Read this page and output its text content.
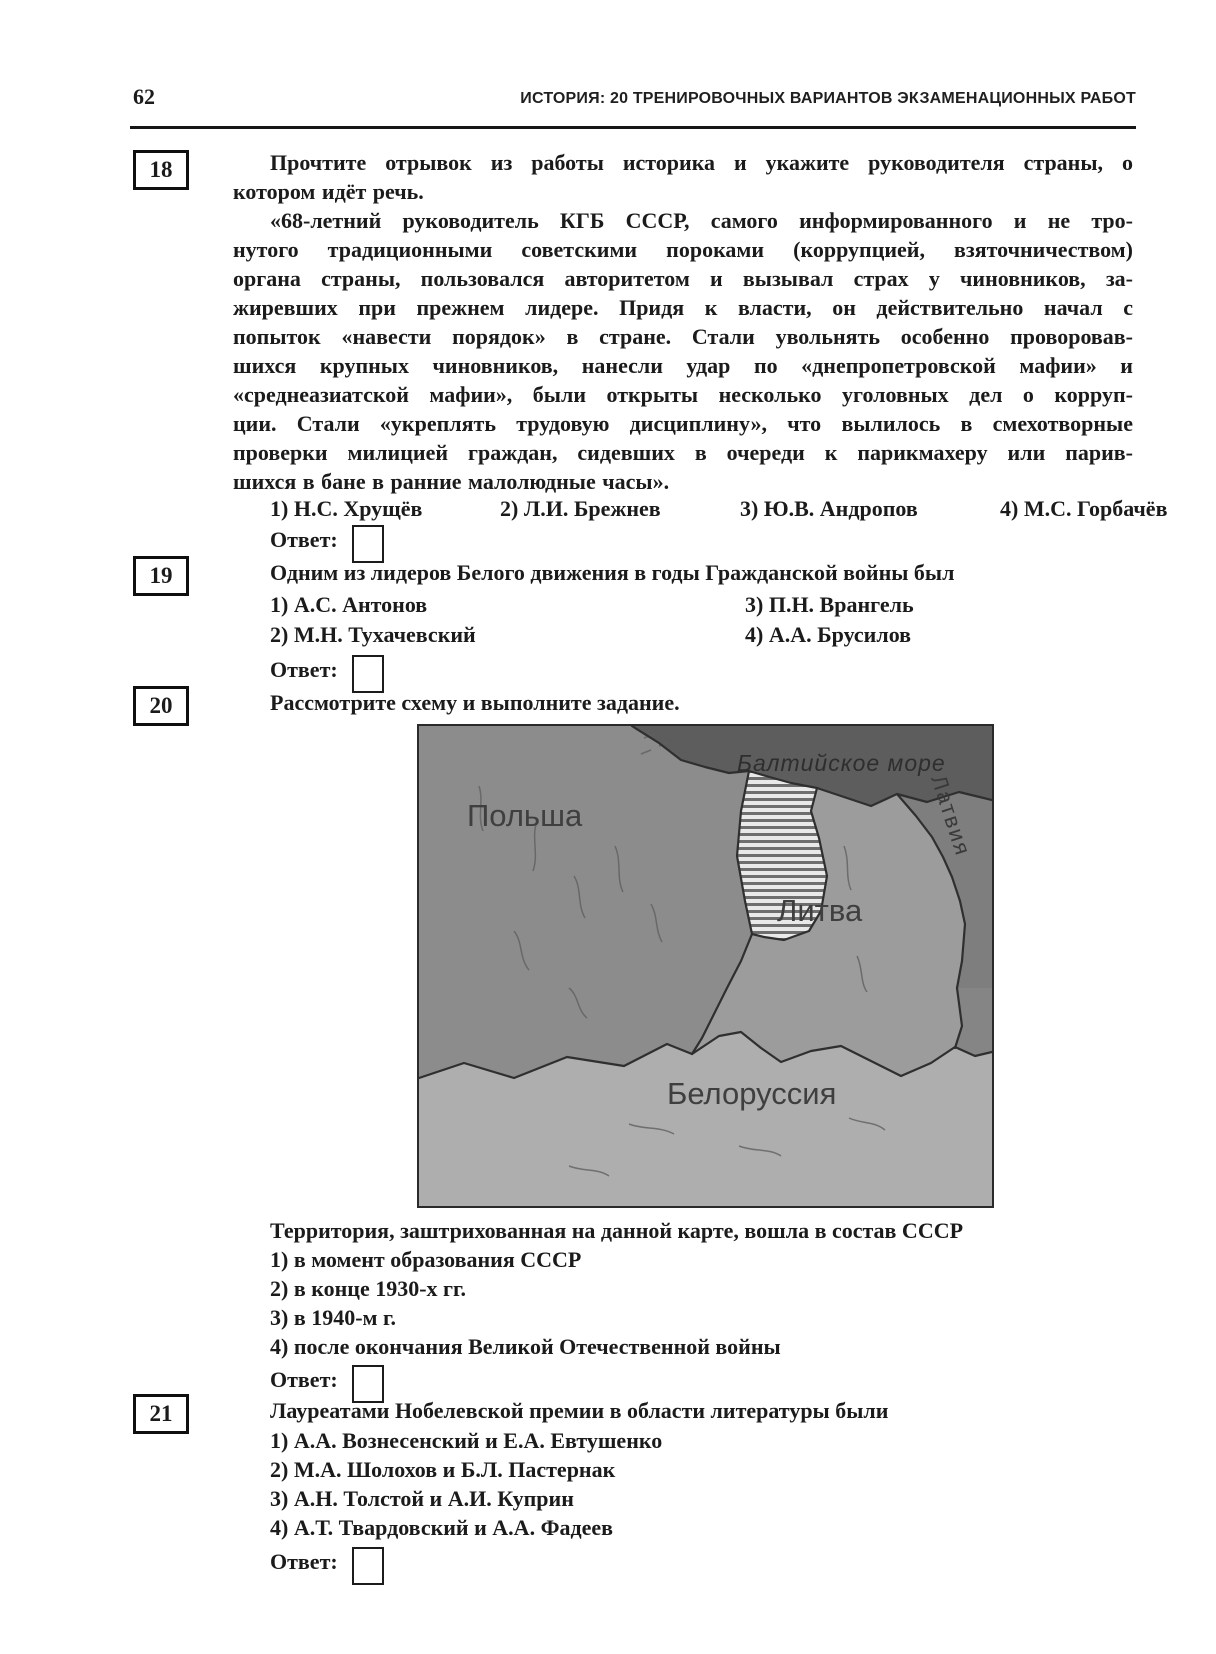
62	ИСТОРИЯ: 20 ТРЕНИРОВОЧНЫХ ВАРИАНТОВ ЭКЗАМЕНАЦИОННЫХ РАБОТ
18	Прочтите отрывок из работы историка и укажите руководителя страны, о
котором идёт речь.
«68-летний руководитель КГБ СССР, самого информированного и не тро-
нутого традиционными советскими пороками (коррупцией, взяточничеством)
органа страны, пользовался авторитетом и вызывал страх у чиновников, за-
жиревших при прежнем лидере. Придя к власти, он действительно начал с
попыток «навести порядок» в стране. Стали увольнять особенно проворовав-
шихся крупных чиновников, нанесли удар по «днепропетровской мафии» и
«среднеазиатской мафии», были открыты несколько уголовных дел о корруп-
ции. Стали «укреплять трудовую дисциплину», что вылилось в смехотворные
проверки милицией граждан, сидевших в очереди к парикмахеру или парив-
шихся в бане в ранние малолюдные часы».
1) Н.С. Хрущёв	2) Л.И. Брежнев	3) Ю.В. Андропов	4) М.С. Горбачёв
Ответ:
19	Одним из лидеров Белого движения в годы Гражданской войны был
1) А.С. Антонов	3) П.Н. Врангель
2) М.Н. Тухачевский	4) А.А. Брусилов
Ответ:
20	Рассмотрите схему и выполните задание.
Балтийское море
Польша
Литва
Латвия
Белоруссия
Территория, заштрихованная на данной карте, вошла в состав СССР
1) в момент образования СССР
2) в конце 1930-х гг.
3) в 1940-м г.
4) после окончания Великой Отечественной войны
Ответ:
21	Лауреатами Нобелевской премии в области литературы были
1) А.А. Вознесенский и Е.А. Евтушенко
2) М.А. Шолохов и Б.Л. Пастернак
3) А.Н. Толстой и А.И. Куприн
4) А.Т. Твардовский и А.А. Фадеев
Ответ:
